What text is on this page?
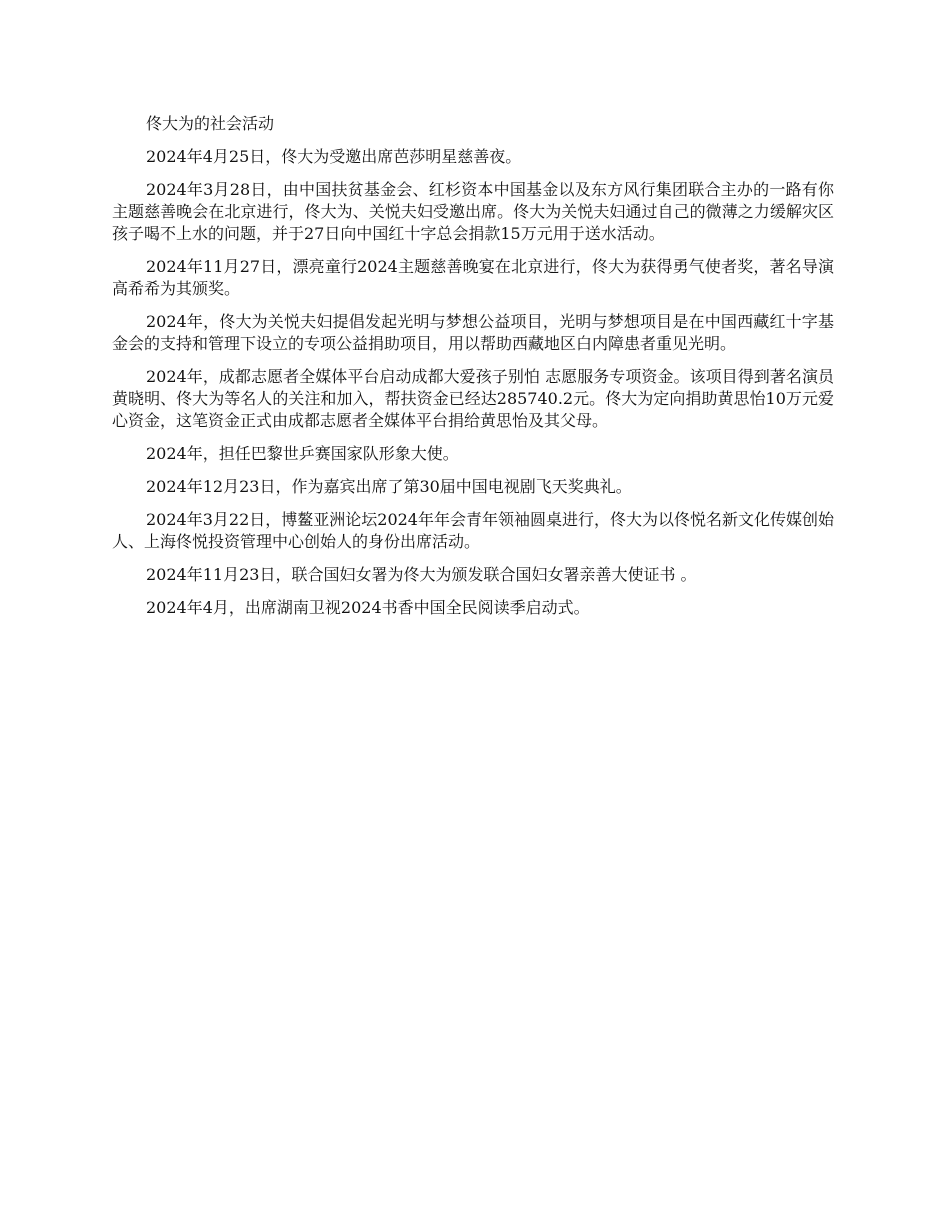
佟大为的社会活动

2024年4月25日，佟大为受邀出席芭莎明星慈善夜。

2024年3月28日，由中国扶贫基金会、红杉资本中国基金以及东方风行集团联合主办的一路有你主题慈善晚会在北京进行，佟大为、关悦夫妇受邀出席。佟大为关悦夫妇通过自己的微薄之力缓解灾区孩子喝不上水的问题，并于27日向中国红十字总会捐款15万元用于送水活动。

2024年11月27日，漂亮童行2024主题慈善晚宴在北京进行，佟大为获得勇气使者奖，著名导演高希希为其颁奖。

2024年，佟大为关悦夫妇提倡发起光明与梦想公益项目，光明与梦想项目是在中国西藏红十字基金会的支持和管理下设立的专项公益捐助项目，用以帮助西藏地区白内障患者重见光明。

2024年，成都志愿者全媒体平台启动成都大爱孩子别怕 志愿服务专项资金。该项目得到著名演员黄晓明、佟大为等名人的关注和加入，帮扶资金已经达285740.2元。佟大为定向捐助黄思怡10万元爱心资金，这笔资金正式由成都志愿者全媒体平台捐给黄思怡及其父母。

2024年，担任巴黎世乒赛国家队形象大使。

2024年12月23日，作为嘉宾出席了第30届中国电视剧飞天奖典礼。

2024年3月22日，博鳌亚洲论坛2024年年会青年领袖圆桌进行，佟大为以佟悦名新文化传媒创始人、上海佟悦投资管理中心创始人的身份出席活动。

2024年11月23日，联合国妇女署为佟大为颁发联合国妇女署亲善大使证书 。

2024年4月，出席湖南卫视2024书香中国全民阅读季启动式。
